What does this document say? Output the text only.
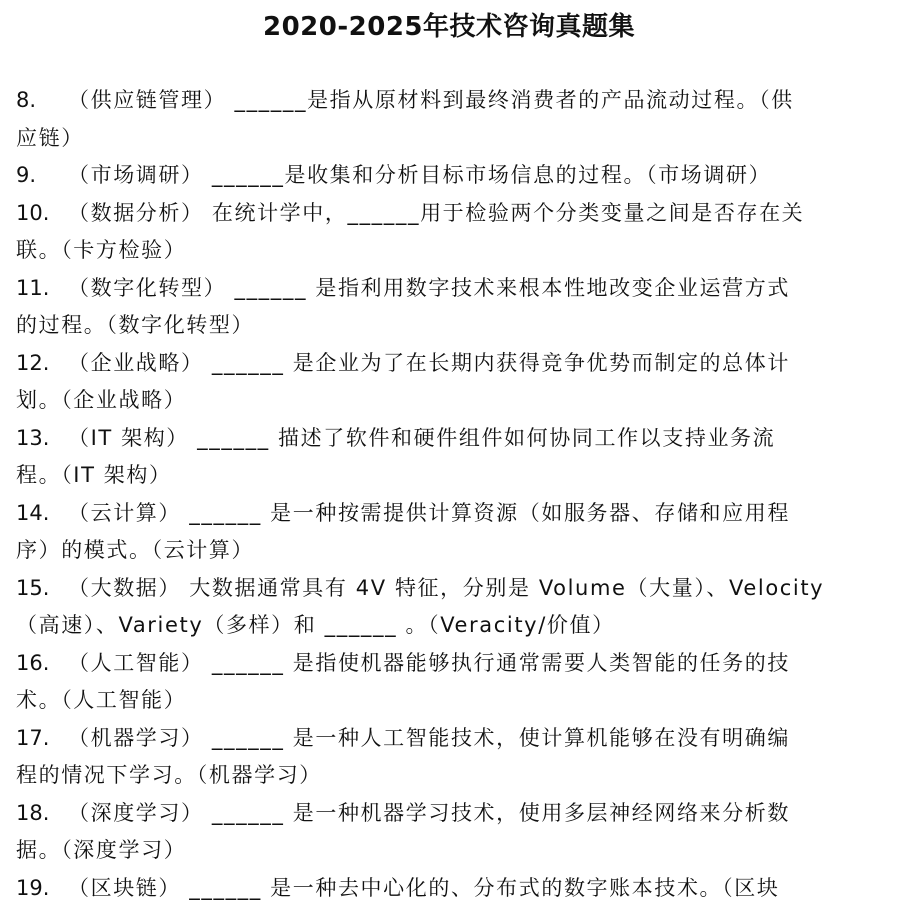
2020-2025年技术咨询真题集
8. （供应链管理） ______是指从原材料到最终消费者的产品流动过程。（供
应链）
9. （市场调研） ______是收集和分析目标市场信息的过程。（市场调研）
10. （数据分析） 在统计学中，______用于检验两个分类变量之间是否存在关
联。（卡方检验）
11. （数字化转型） ______ 是指利用数字技术来根本性地改变企业运营方式
的过程。（数字化转型）
12. （企业战略） ______ 是企业为了在长期内获得竞争优势而制定的总体计
划。（企业战略）
13. （IT 架构） ______ 描述了软件和硬件组件如何协同工作以支持业务流
程。（IT 架构）
14. （云计算） ______ 是一种按需提供计算资源（如服务器、存储和应用程
序）的模式。（云计算）
15. （大数据） 大数据通常具有 4V 特征，分别是 Volume（大量）、Velocity
（高速）、Variety（多样）和 ______ 。（Veracity/价值）
16. （人工智能） ______ 是指使机器能够执行通常需要人类智能的任务的技
术。（人工智能）
17. （机器学习） ______ 是一种人工智能技术，使计算机能够在没有明确编
程的情况下学习。（机器学习）
18. （深度学习） ______ 是一种机器学习技术，使用多层神经网络来分析数
据。（深度学习）
19. （区块链） ______ 是一种去中心化的、分布式的数字账本技术。（区块
